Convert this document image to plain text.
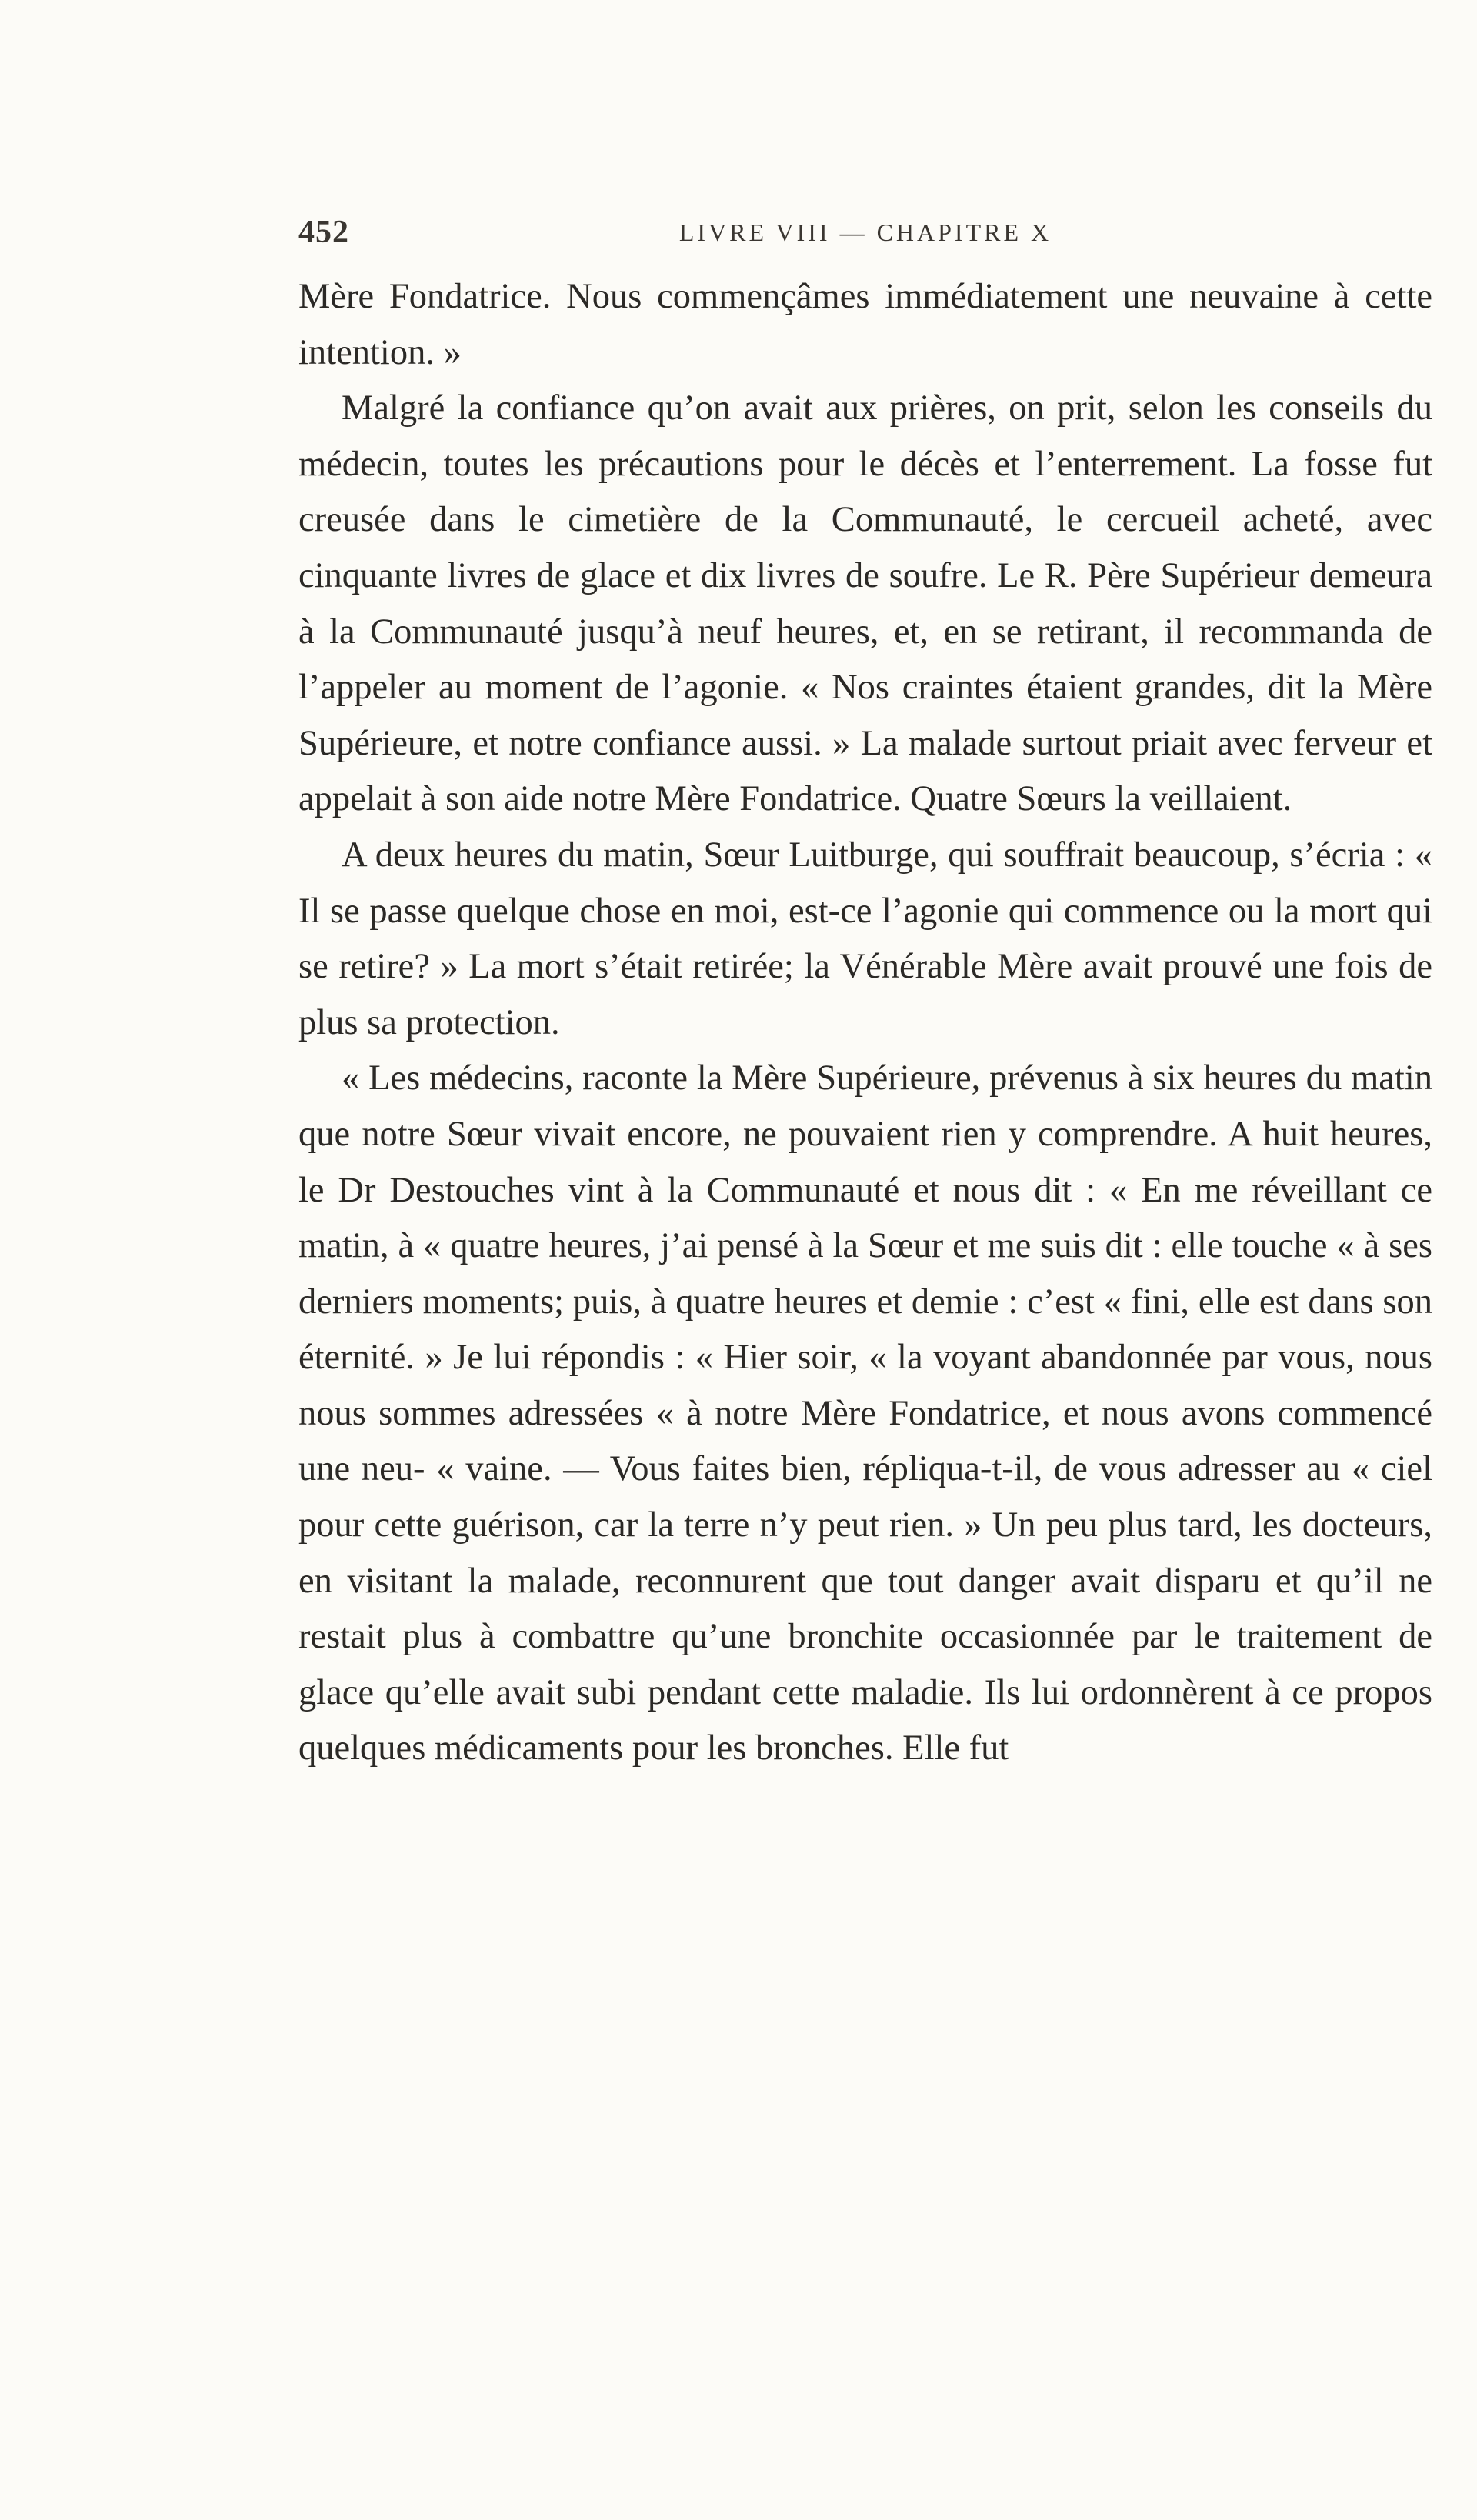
452	LIVRE VIII — CHAPITRE X

Mère Fondatrice. Nous commençâmes immédiatement une neuvaine à cette intention. »

Malgré la confiance qu’on avait aux prières, on prit, selon les conseils du médecin, toutes les précautions pour le décès et l’enterrement. La fosse fut creusée dans le cimetière de la Communauté, le cercueil acheté, avec cinquante livres de glace et dix livres de soufre. Le R. Père Supérieur demeura à la Communauté jusqu’à neuf heures, et, en se retirant, il recommanda de l’appeler au moment de l’agonie. « Nos craintes étaient grandes, dit la Mère Supérieure, et notre confiance aussi. » La malade surtout priait avec ferveur et appelait à son aide notre Mère Fondatrice. Quatre Sœurs la veillaient.

A deux heures du matin, Sœur Luitburge, qui souffrait beaucoup, s’écria : « Il se passe quelque chose en moi, est-ce l’agonie qui commence ou la mort qui se retire? » La mort s’était retirée; la Vénérable Mère avait prouvé une fois de plus sa protection.

« Les médecins, raconte la Mère Supérieure, prévenus à six heures du matin que notre Sœur vivait encore, ne pouvaient rien y comprendre. A huit heures, le Dr Destouches vint à la Communauté et nous dit : « En me réveillant ce matin, à « quatre heures, j’ai pensé à la Sœur et me suis dit : elle touche « à ses derniers moments; puis, à quatre heures et demie : c’est « fini, elle est dans son éternité. » Je lui répondis : « Hier soir, « la voyant abandonnée par vous, nous nous sommes adressées « à notre Mère Fondatrice, et nous avons commencé une neu- « vaine. — Vous faites bien, répliqua-t-il, de vous adresser au « ciel pour cette guérison, car la terre n’y peut rien. » Un peu plus tard, les docteurs, en visitant la malade, reconnurent que tout danger avait disparu et qu’il ne restait plus à combattre qu’une bronchite occasionnée par le traitement de glace qu’elle avait subi pendant cette maladie. Ils lui ordonnèrent à ce propos quelques médicaments pour les bronches. Elle fut
